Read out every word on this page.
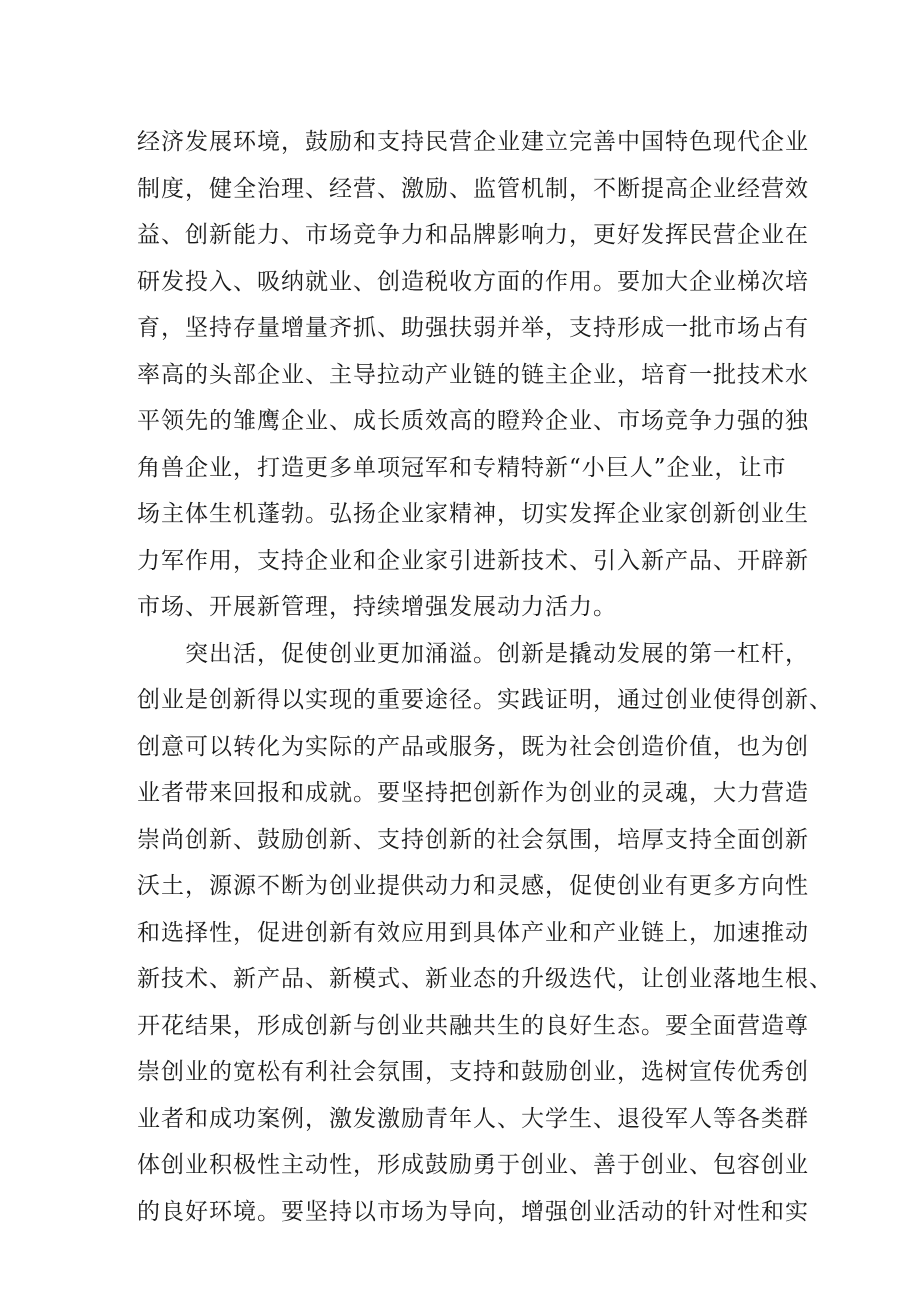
经济发展环境，鼓励和支持民营企业建立完善中国特色现代企业
制度，健全治理、经营、激励、监管机制，不断提高企业经营效
益、创新能力、市场竞争力和品牌影响力，更好发挥民营企业在
研发投入、吸纳就业、创造税收方面的作用。要加大企业梯次培
育，坚持存量增量齐抓、助强扶弱并举，支持形成一批市场占有
率高的头部企业、主导拉动产业链的链主企业，培育一批技术水
平领先的雏鹰企业、成长质效高的瞪羚企业、市场竞争力强的独
角兽企业，打造更多单项冠军和专精特新“小巨人”企业，让市
场主体生机蓬勃。弘扬企业家精神，切实发挥企业家创新创业生
力军作用，支持企业和企业家引进新技术、引入新产品、开辟新
市场、开展新管理，持续增强发展动力活力。
突出活，促使创业更加涌溢。创新是撬动发展的第一杠杆，
创业是创新得以实现的重要途径。实践证明，通过创业使得创新、
创意可以转化为实际的产品或服务，既为社会创造价值，也为创
业者带来回报和成就。要坚持把创新作为创业的灵魂，大力营造
崇尚创新、鼓励创新、支持创新的社会氛围，培厚支持全面创新
沃土，源源不断为创业提供动力和灵感，促使创业有更多方向性
和选择性，促进创新有效应用到具体产业和产业链上，加速推动
新技术、新产品、新模式、新业态的升级迭代，让创业落地生根、
开花结果，形成创新与创业共融共生的良好生态。要全面营造尊
崇创业的宽松有利社会氛围，支持和鼓励创业，选树宣传优秀创
业者和成功案例，激发激励青年人、大学生、退役军人等各类群
体创业积极性主动性，形成鼓励勇于创业、善于创业、包容创业
的良好环境。要坚持以市场为导向，增强创业活动的针对性和实
